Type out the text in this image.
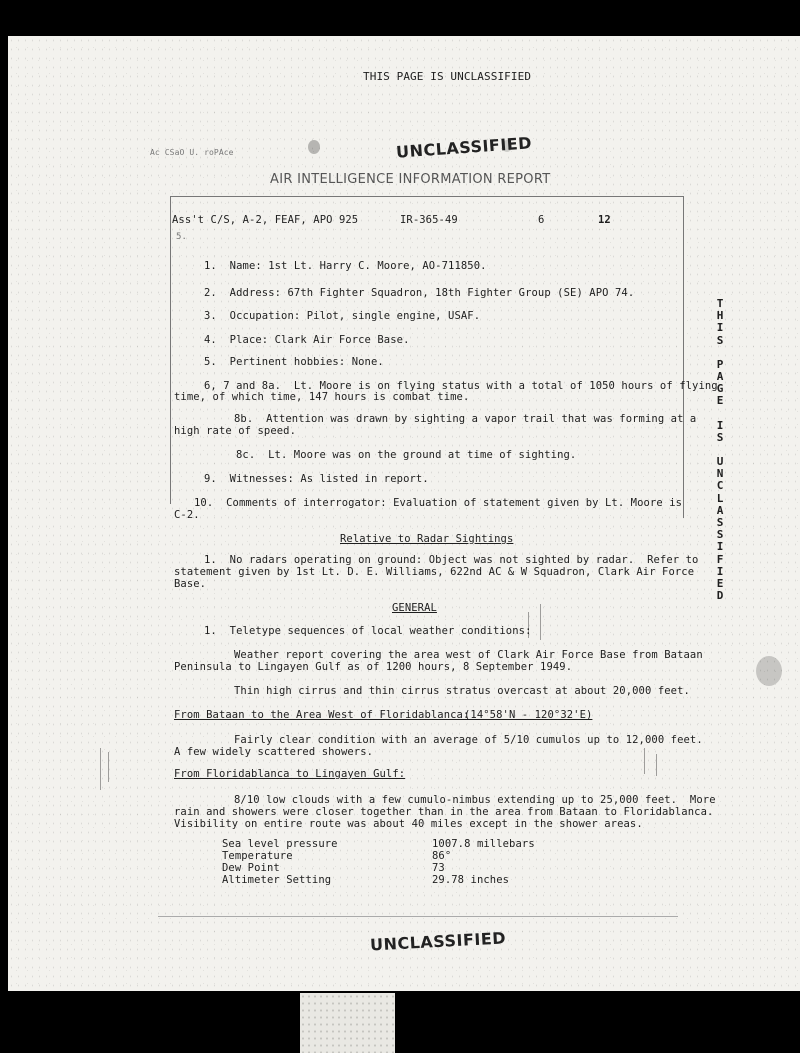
THIS PAGE IS UNCLASSIFIED
Ac CSaO U. roPAce	UNCLASSIFIED
AIR INTELLIGENCE INFORMATION REPORT
Ass't C/S, A-2, FEAF, APO 925	IR-365-49	6	12
5.
1.  Name: 1st Lt. Harry C. Moore, AO-711850.
2.  Address: 67th Fighter Squadron, 18th Fighter Group (SE) APO 74.
3.  Occupation: Pilot, single engine, USAF.
4.  Place: Clark Air Force Base.
5.  Pertinent hobbies: None.
6, 7 and 8a.  Lt. Moore is on flying status with a total of 1050 hours of flying
time, of which time, 147 hours is combat time.
8b.  Attention was drawn by sighting a vapor trail that was forming at a
high rate of speed.
8c.  Lt. Moore was on the ground at time of sighting.
9.  Witnesses: As listed in report.
10.  Comments of interrogator: Evaluation of statement given by Lt. Moore is
C-2.
Relative to Radar Sightings
1.  No radars operating on ground: Object was not sighted by radar.  Refer to
statement given by 1st Lt. D. E. Williams, 622nd AC & W Squadron, Clark Air Force
Base.
GENERAL
1.  Teletype sequences of local weather conditions:
Weather report covering the area west of Clark Air Force Base from Bataan
Peninsula to Lingayen Gulf as of 1200 hours, 8 September 1949.
Thin high cirrus and thin cirrus stratus overcast at about 20,000 feet.
From Bataan to the Area West of Floridablanca:
(14°58'N - 120°32'E)
Fairly clear condition with an average of 5/10 cumulos up to 12,000 feet.
A few widely scattered showers.
From Floridablanca to Lingayen Gulf:
8/10 low clouds with a few cumulo-nimbus extending up to 25,000 feet.  More
rain and showers were closer together than in the area from Bataan to Floridablanca.
Visibility on entire route was about 40 miles except in the shower areas.
Sea level pressure	1007.8 millebars
Temperature	86°
Dew Point	73
Altimeter Setting	29.78 inches
UNCLASSIFIED
T
H
I
S
P
A
G
E
I
S
U
N
C
L
A
S
S
I
F
I
E
D
